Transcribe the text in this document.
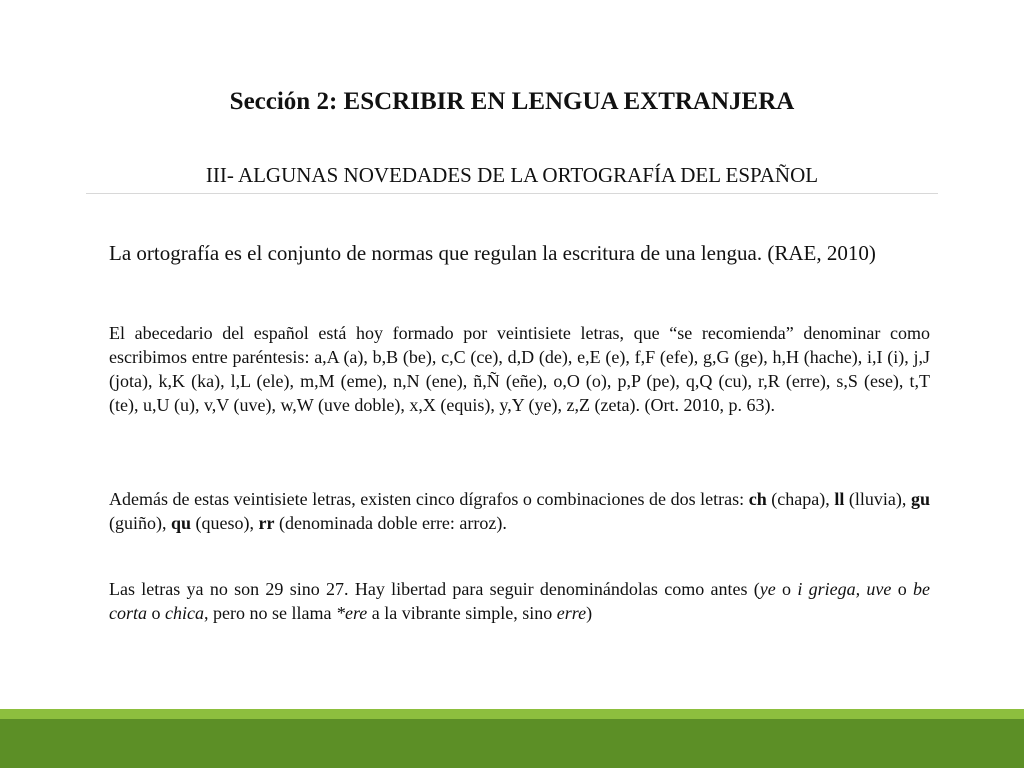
Sección 2: ESCRIBIR EN LENGUA EXTRANJERA
III- ALGUNAS NOVEDADES DE LA ORTOGRAFÍA DEL ESPAÑOL

La ortografía es el conjunto de normas que regulan la escritura de una lengua. (RAE, 2010)

El abecedario del español está hoy formado por veintisiete letras, que “se recomienda” denominar como escribimos entre paréntesis: a,A (a), b,B (be), c,C (ce), d,D (de), e,E (e), f,F (efe), g,G (ge), h,H (hache), i,I (i), j,J (jota), k,K (ka), l,L (ele), m,M (eme), n,N (ene), ñ,Ñ (eñe), o,O (o), p,P (pe), q,Q (cu), r,R (erre), s,S (ese), t,T (te), u,U (u), v,V (uve), w,W (uve doble), x,X (equis), y,Y (ye), z,Z (zeta). (Ort. 2010, p. 63).

Además de estas veintisiete letras, existen cinco dígrafos o combinaciones de dos letras: ch (chapa), ll (lluvia), gu (guiño), qu (queso), rr (denominada doble erre: arroz).

Las letras ya no son 29 sino 27. Hay libertad para seguir denominándolas como antes (ye o i griega, uve o be corta o chica, pero no se llama *ere a la vibrante simple, sino erre)
